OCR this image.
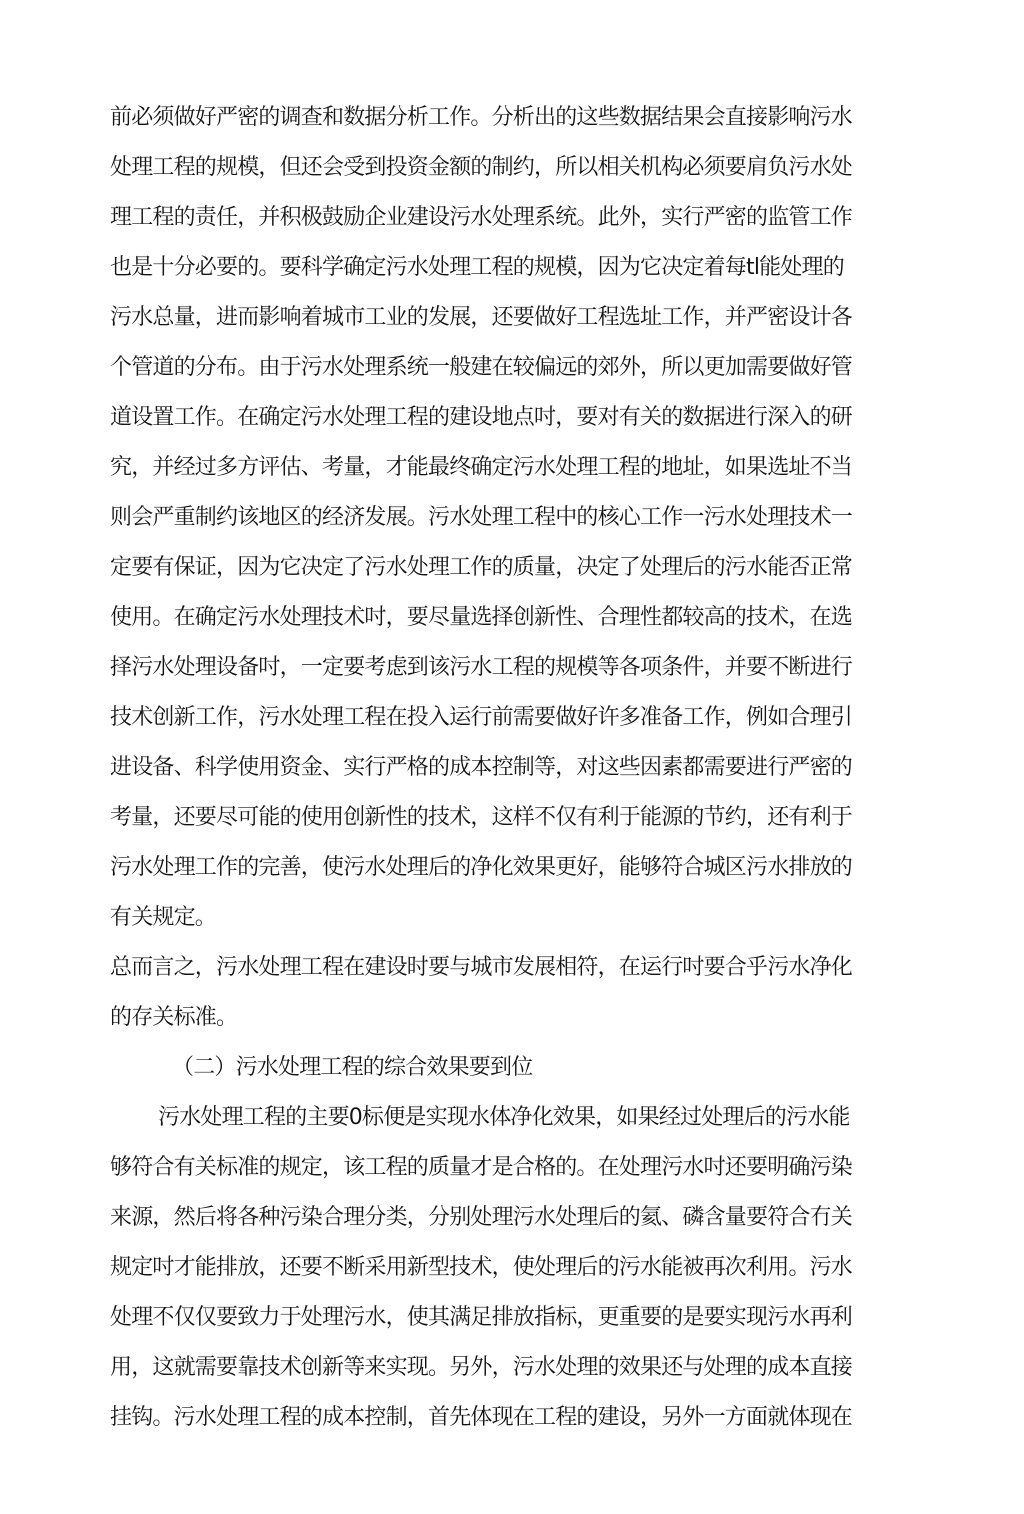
前必须做好严密的调查和数据分析工作。分析出的这些数据结果会直接影响污水
处理工程的规模，但还会受到投资金额的制约，所以相关机构必须要肩负污水处
理工程的责任，并积极鼓励企业建设污水处理系统。此外，实行严密的监管工作
也是十分必要的。要科学确定污水处理工程的规模，因为它决定着每tl能处理的
污水总量，进而影响着城市工业的发展，还要做好工程选址工作，并严密设计各
个管道的分布。由于污水处理系统一般建在较偏远的郊外，所以更加需要做好管
道设置工作。在确定污水处理工程的建设地点吋，要对有关的数据进行深入的研
究，并经过多方评估、考量，才能最终确定污水处理工程的地址，如果选址不当
则会严重制约该地区的经济发展。污水处理工程中的核心工作一污水处理技术一
定要有保证，因为它决定了污水处理工作的质量，决定了处理后的污水能否正常
使用。在确定污水处理技术吋，要尽量选择创新性、合理性都较高的技术，在选
择污水处理设备吋，一定要考虑到该污水工程的规模等各项条件，并要不断进行
技术创新工作，污水处理工程在投入运行前需要做好许多准备工作，例如合理引
进设备、科学使用资金、实行严格的成本控制等，对这些因素都需要进行严密的
考量，还要尽可能的使用创新性的技术，这样不仅有利于能源的节约，还有利于
污水处理工作的完善，使污水处理后的净化效果更好，能够符合城区污水排放的
有关规定。
总而言之，污水处理工程在建设时要与城市发展相符，在运行吋要合乎污水净化
的存关标准。
（二）污水处理工程的综合效果要到位
污水处理工程的主要0标便是实现水体净化效果，如果经过处理后的污水能
够符合有关标准的规定，该工程的质量才是合格的。在处理污水吋还要明确污染
来源，然后将各种污染合理分类，分别处理污水处理后的氦、磷含量要符合冇关
规定吋才能排放，还要不断采用新型技术，使处理后的污水能被再次利用。污水
处理不仅仅要致力于处理污水，使其满足排放指标，更重要的是要实现污水再利
用，这就需要靠技术创新等来实现。另外，污水处理的效果还与处理的成本直接
挂钩。污水处理工程的成本控制，首先体现在工程的建设，另外一方面就体现在
